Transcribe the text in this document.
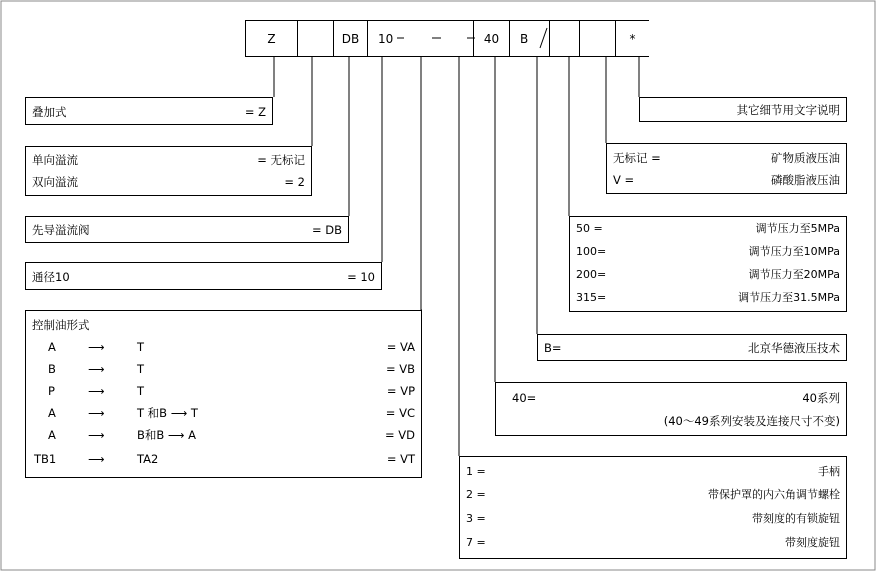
Z	DB 10	40 B	*
叠加式	= Z
单向溢流	= 无标记
双向溢流	= 2
先导溢流阀	= DB
通径10	= 10
控制油形式
A	⟶	T	= VA
B	⟶	T	= VB
P	⟶	T	= VP
A	⟶	T 和B ⟶ T	= VC
A	⟶	B和B ⟶ A	= VD
TB1	⟶	TA2	= VT
其它细节用文字说明
无标记 =	矿物质液压油
V =	磷酸脂液压油
50 =	调节压力至5MPa
100=	调节压力至10MPa
200=	调节压力至20MPa
315=	调节压力至31.5MPa
B=	北京华德液压技术
40=	40系列
(40～49系列安装及连接尺寸不变)
1 =	手柄
2 =	带保护罩的内六角调节螺栓
3 =	带刻度的有锁旋钮
7 =	带刻度旋钮
